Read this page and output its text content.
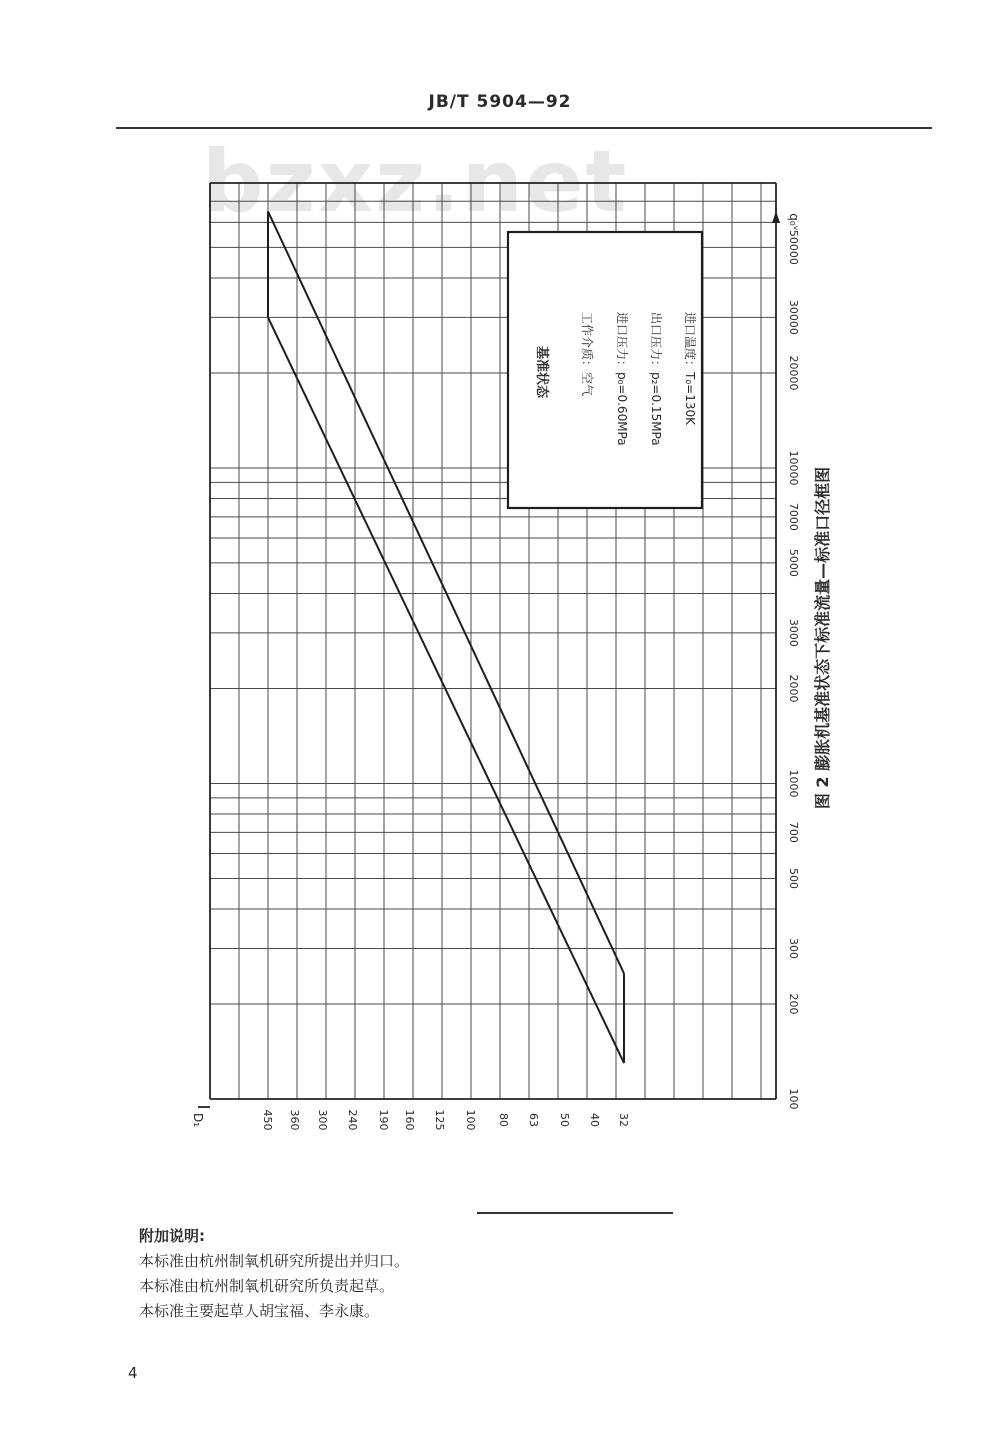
JB/T 5904—92
bzxz.net
100
200
300
500
700
1000
2000
3000
5000
7000
10000
20000
30000
50000
q₀ᵛ
450 360 300 240 190 160 125 100 80 63 50 40 32
D₁
基准状态	工作介质：空气 进口压力：p₀=0.60MPa 出口压力：p₂=0.15MPa 进口温度：T₀=130K
图 2 膨胀机基准状态下标准流量—标准口径框图
附加说明:
本标准由杭州制氧机研究所提出并归口。
本标准由杭州制氧机研究所负责起草。
本标准主要起草人胡宝福、李永康。
4
